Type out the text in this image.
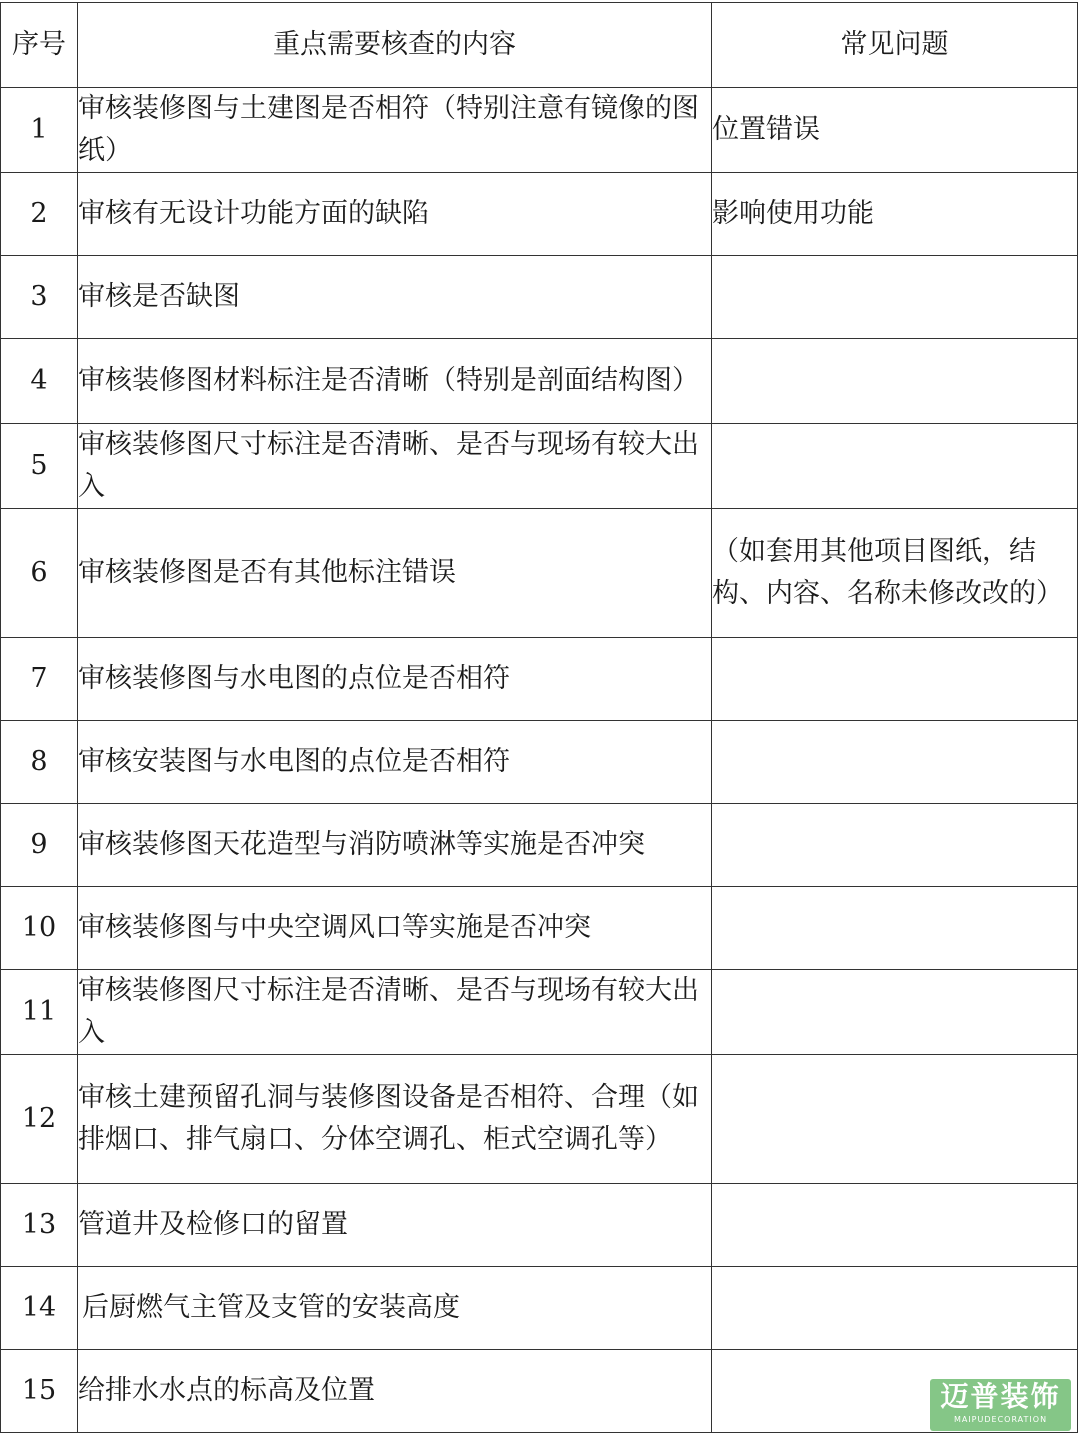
序号	重点需要核查的内容	常见问题
1	审核装修图与土建图是否相符（特别注意有镜像的图纸）	位置错误
2	审核有无设计功能方面的缺陷	影响使用功能
3	审核是否缺图	
4	审核装修图材料标注是否清晰（特别是剖面结构图）	
5	审核装修图尺寸标注是否清晰、是否与现场有较大出入	
6	审核装修图是否有其他标注错误	（如套用其他项目图纸，结构、内容、名称未修改改的）
7	审核装修图与水电图的点位是否相符	
8	审核安装图与水电图的点位是否相符	
9	审核装修图天花造型与消防喷淋等实施是否冲突	
10	审核装修图与中央空调风口等实施是否冲突	
11	审核装修图尺寸标注是否清晰、是否与现场有较大出入	
12	审核土建预留孔洞与装修图设备是否相符、合理（如排烟口、排气扇口、分体空调孔、柜式空调孔等）	
13	管道井及检修口的留置	
14	后厨燃气主管及支管的安装高度	
15	给排水水点的标高及位置		迈普装饰
MAIPUDECORATION
